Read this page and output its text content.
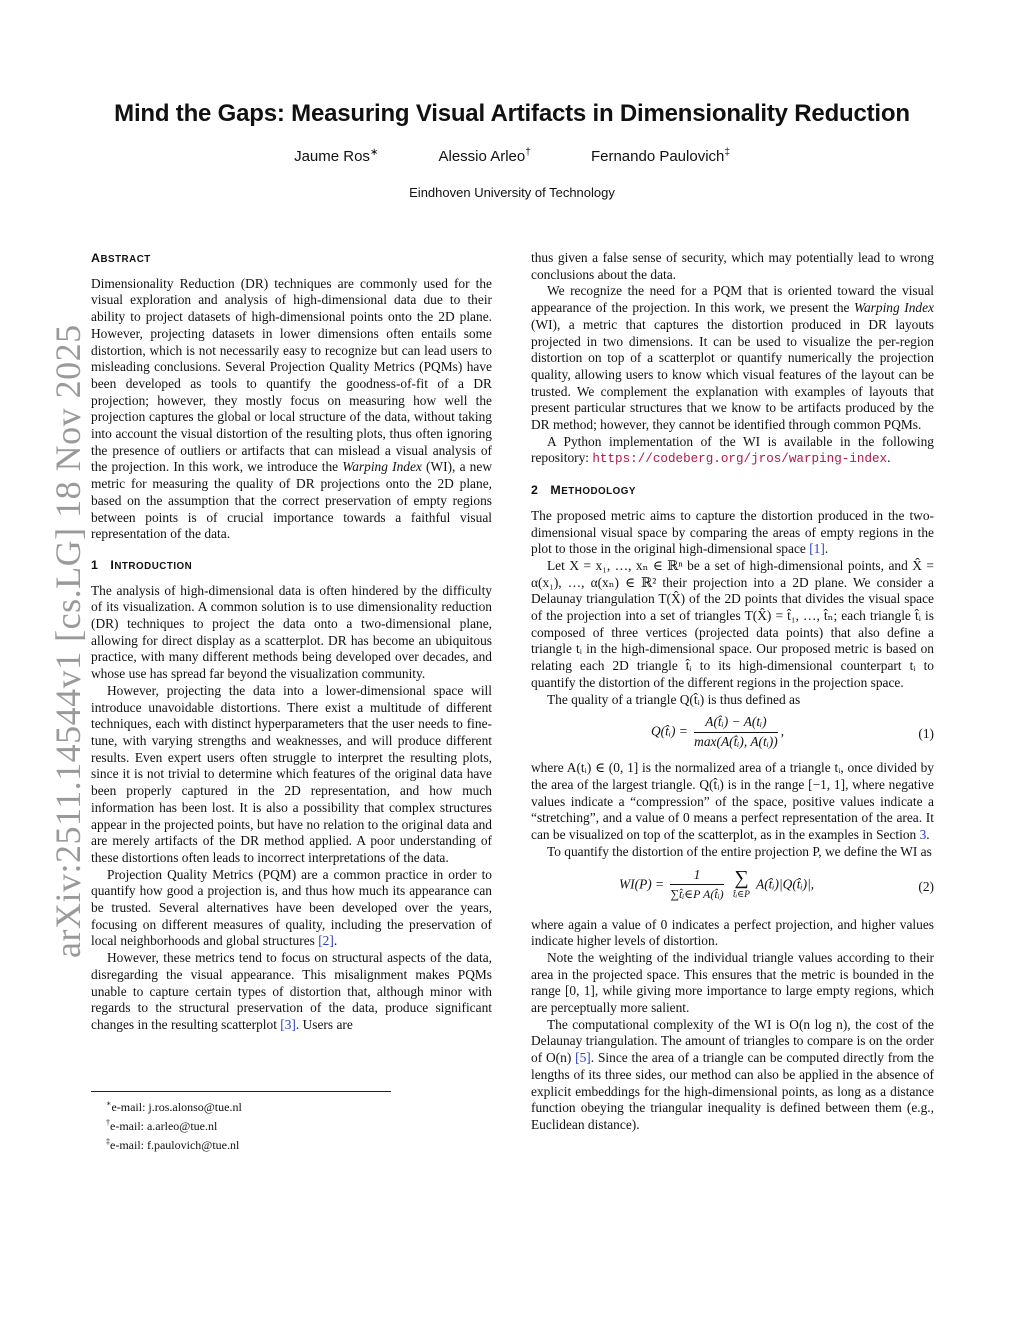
arXiv:2511.14544v1 [cs.LG] 18 Nov 2025
Mind the Gaps: Measuring Visual Artifacts in Dimensionality Reduction
Jaume Ros∗	Alessio Arleo†	Fernando Paulovich‡
Eindhoven University of Technology
ABSTRACT

Dimensionality Reduction (DR) techniques are commonly used for the visual exploration and analysis of high-dimensional data due to their ability to project datasets of high-dimensional points onto the 2D plane. However, projecting datasets in lower dimensions often entails some distortion, which is not necessarily easy to recognize but can lead users to misleading conclusions. Several Projection Quality Metrics (PQMs) have been developed as tools to quantify the goodness-of-fit of a DR projection; however, they mostly focus on measuring how well the projection captures the global or local structure of the data, without taking into account the visual distortion of the resulting plots, thus often ignoring the presence of outliers or artifacts that can mislead a visual analysis of the projection. In this work, we introduce the Warping Index (WI), a new metric for measuring the quality of DR projections onto the 2D plane, based on the assumption that the correct preservation of empty regions between points is of crucial importance towards a faithful visual representation of the data.

1 INTRODUCTION

The analysis of high-dimensional data is often hindered by the difficulty of its visualization. A common solution is to use dimensionality reduction (DR) techniques to project the data onto a two-dimensional plane, allowing for direct display as a scatterplot. DR has become an ubiquitous practice, with many different methods being developed over decades, and whose use has spread far beyond the visualization community.

However, projecting the data into a lower-dimensional space will introduce unavoidable distortions. There exist a multitude of different techniques, each with distinct hyperparameters that the user needs to fine-tune, with varying strengths and weaknesses, and will produce different results. Even expert users often struggle to interpret the resulting plots, since it is not trivial to determine which features of the original data have been properly captured in the 2D representation, and how much information has been lost. It is also a possibility that complex structures appear in the projected points, but have no relation to the original data and are merely artifacts of the DR method applied. A poor understanding of these distortions often leads to incorrect interpretations of the data.

Projection Quality Metrics (PQM) are a common practice in order to quantify how good a projection is, and thus how much its appearance can be trusted. Several alternatives have been developed over the years, focusing on different measures of quality, including the preservation of local neighborhoods and global structures [2].

However, these metrics tend to focus on structural aspects of the data, disregarding the visual appearance. This misalignment makes PQMs unable to capture certain types of distortion that, although minor with regards to the structural preservation of the data, produce significant changes in the resulting scatterplot [3]. Users are

∗e-mail: j.ros.alonso@tue.nl
†e-mail: a.arleo@tue.nl
‡e-mail: f.paulovich@tue.nl

thus given a false sense of security, which may potentially lead to wrong conclusions about the data.

We recognize the need for a PQM that is oriented toward the visual appearance of the projection. In this work, we present the Warping Index (WI), a metric that captures the distortion produced in DR layouts projected in two dimensions. It can be used to visualize the per-region distortion on top of a scatterplot or quantify numerically the projection quality, allowing users to know which visual features of the layout can be trusted. We complement the explanation with examples of layouts that present particular structures that we know to be artifacts produced by the DR method; however, they cannot be identified through common PQMs.

A Python implementation of the WI is available in the following repository: https://codeberg.org/jros/warping-index.

2 METHODOLOGY

The proposed metric aims to capture the distortion produced in the two-dimensional visual space by comparing the areas of empty regions in the plot to those in the original high-dimensional space [1].

Let X = x₁, …, xₙ ∈ ℝⁿ be a set of high-dimensional points, and X̂ = α(x₁), …, α(xₙ) ∈ ℝ² their projection into a 2D plane. We consider a Delaunay triangulation T(X̂) of the 2D points that divides the visual space of the projection into a set of triangles T(X̂) = t̂₁, …, t̂ₙ; each triangle t̂ᵢ is composed of three vertices (projected data points) that also define a triangle tᵢ in the high-dimensional space. Our proposed metric is based on relating each 2D triangle t̂ᵢ to its high-dimensional counterpart tᵢ to quantify the distortion of the different regions in the projection space.

The quality of a triangle Q(t̂ᵢ) is thus defined as

Q(t̂ᵢ) = $\frac{\text{A(t̂ᵢ) − A(tᵢ)}}{\text{max(A(t̂ᵢ), A(tᵢ))}}$ ,	(1)

where A(tᵢ) ∈ (0, 1] is the normalized area of a triangle tᵢ, once divided by the area of the largest triangle. Q(t̂ᵢ) is in the range [−1, 1], where negative values indicate a “compression” of the space, positive values indicate a “stretching”, and a value of 0 means a perfect representation of the area. It can be visualized on top of the scatterplot, as in the examples in Section 3.

To quantify the distortion of the entire projection P, we define the WI as

$WI(P) = \frac{1}{\text{∑t̂ᵢ∈P A(t̂ᵢ)}}$
∑
t̂ᵢ∈P
A(t̂ᵢ)|Q(t̂ᵢ)|,	(2)

where again a value of 0 indicates a perfect projection, and higher values indicate higher levels of distortion.

Note the weighting of the individual triangle values according to their area in the projected space. This ensures that the metric is bounded in the range [0, 1], while giving more importance to large empty regions, which are perceptually more salient.

The computational complexity of the WI is O(n log n), the cost of the Delaunay triangulation. The amount of triangles to compare is on the order of O(n) [5]. Since the area of a triangle can be computed directly from the lengths of its three sides, our method can also be applied in the absence of explicit embeddings for the high-dimensional points, as long as a distance function obeying the triangular inequality is defined between them (e.g., Euclidean distance).
